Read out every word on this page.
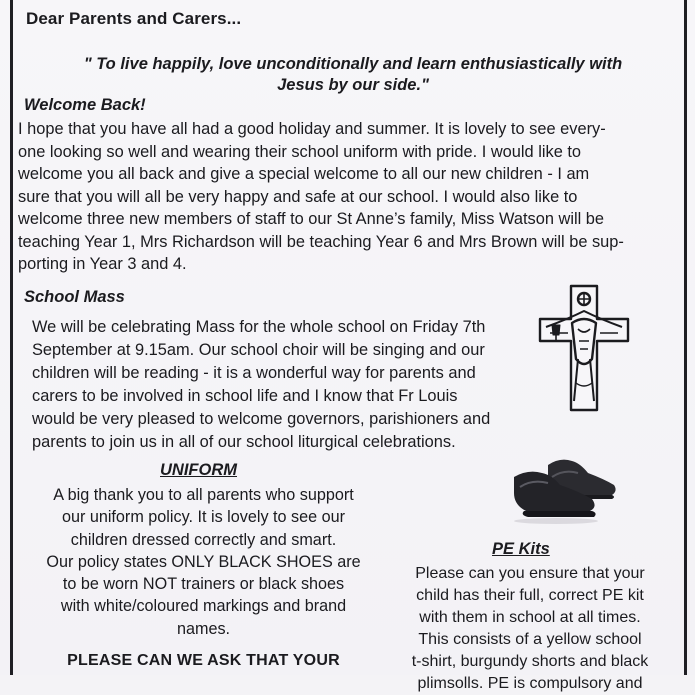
Dear Parents and Carers...
" To live happily, love unconditionally and learn enthusiastically with
Jesus by our side."
Welcome Back!
I hope that you have all had a good holiday and summer. It is lovely to see every-
one looking so well and wearing their school uniform with pride. I would like to
welcome you all back and give a special welcome to all our new children - I am
sure that you will all be very happy and safe at our school. I would also like to
welcome three new members of staff to our St Anne’s family, Miss Watson will be
teaching Year 1, Mrs Richardson will be teaching Year 6 and Mrs Brown will be sup-
porting in Year 3 and 4.
School Mass
We will be celebrating Mass for the whole school on Friday 7th
September at 9.15am. Our school choir will be singing and our
children will be reading - it is a wonderful way for parents and
carers to be involved in school life and I know that Fr Louis
would be very pleased to welcome governors, parishioners and
parents to join us in all of our school liturgical celebrations.
UNIFORM
A big thank you to all parents who support
our uniform policy. It is lovely to see our
children dressed correctly and smart.
Our policy states ONLY BLACK SHOES are
to be worn NOT trainers or black shoes
with white/coloured markings and brand
names.
PLEASE CAN WE ASK THAT YOUR
PE Kits
Please can you ensure that your
child has their full, correct PE kit
with them in school at all times.
This consists of a yellow school
t-shirt, burgundy shorts and black
plimsolls. PE is compulsory and
